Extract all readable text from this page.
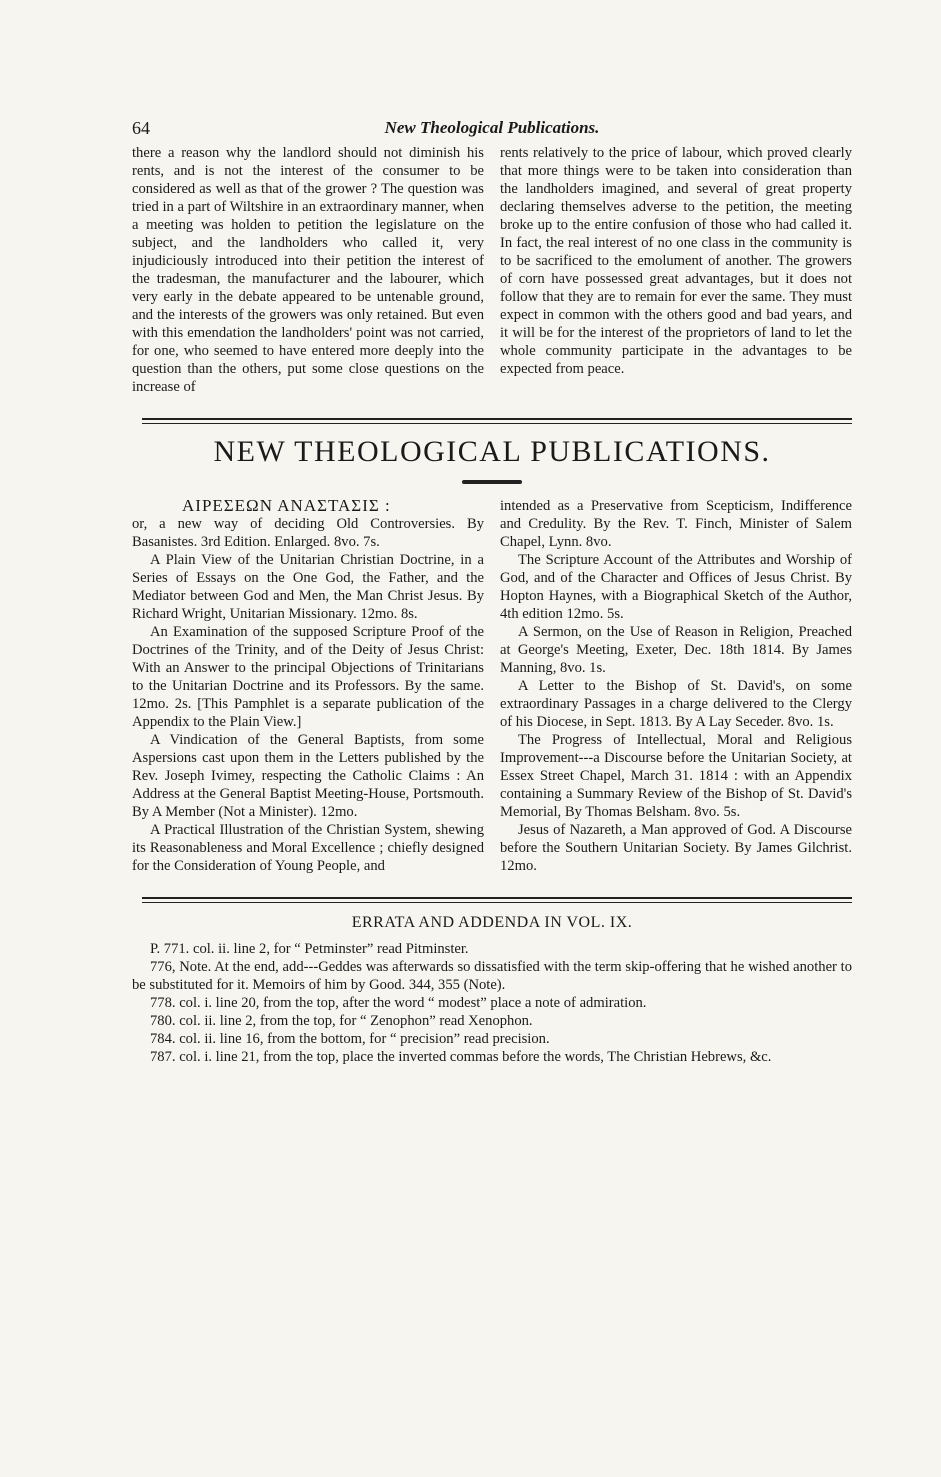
64	New Theological Publications.

there a reason why the landlord should not diminish his rents, and is not the interest of the consumer to be considered as well as that of the grower ? The question was tried in a part of Wiltshire in an extraordinary manner, when a meeting was holden to petition the legislature on the subject, and the landholders who called it, very injudiciously introduced into their petition the interest of the tradesman, the manufacturer and the labourer, which very early in the debate appeared to be untenable ground, and the interests of the growers was only retained. But even with this emendation the landholders' point was not carried, for one, who seemed to have entered more deeply into the question than the others, put some close questions on the increase of

rents relatively to the price of labour, which proved clearly that more things were to be taken into consideration than the landholders imagined, and several of great property declaring themselves adverse to the petition, the meeting broke up to the entire confusion of those who had called it. In fact, the real interest of no one class in the community is to be sacrificed to the emolument of another. The growers of corn have possessed great advantages, but it does not follow that they are to remain for ever the same. They must expect in common with the others good and bad years, and it will be for the interest of the proprietors of land to let the whole community participate in the advantages to be expected from peace.

NEW THEOLOGICAL PUBLICATIONS.

ΑΙΡΕΣΕΩΝ ΑΝΑΣΤΑΣΙΣ :

or, a new way of deciding Old Controversies. By Basanistes. 3rd Edition. Enlarged. 8vo. 7s.

A Plain View of the Unitarian Christian Doctrine, in a Series of Essays on the One God, the Father, and the Mediator between God and Men, the Man Christ Jesus. By Richard Wright, Unitarian Missionary. 12mo. 8s.

An Examination of the supposed Scripture Proof of the Doctrines of the Trinity, and of the Deity of Jesus Christ: With an Answer to the principal Objections of Trinitarians to the Unitarian Doctrine and its Professors. By the same. 12mo. 2s. [This Pamphlet is a separate publication of the Appendix to the Plain View.]

A Vindication of the General Baptists, from some Aspersions cast upon them in the Letters published by the Rev. Joseph Ivimey, respecting the Catholic Claims : An Address at the General Baptist Meeting-House, Portsmouth. By A Member (Not a Minister). 12mo.

A Practical Illustration of the Christian System, shewing its Reasonableness and Moral Excellence ; chiefly designed for the Consideration of Young People, and

intended as a Preservative from Scepticism, Indifference and Credulity. By the Rev. T. Finch, Minister of Salem Chapel, Lynn. 8vo.

The Scripture Account of the Attributes and Worship of God, and of the Character and Offices of Jesus Christ. By Hopton Haynes, with a Biographical Sketch of the Author, 4th edition 12mo. 5s.

A Sermon, on the Use of Reason in Religion, Preached at George's Meeting, Exeter, Dec. 18th 1814. By James Manning, 8vo. 1s.

A Letter to the Bishop of St. David's, on some extraordinary Passages in a charge delivered to the Clergy of his Diocese, in Sept. 1813. By A Lay Seceder. 8vo. 1s.

The Progress of Intellectual, Moral and Religious Improvement---a Discourse before the Unitarian Society, at Essex Street Chapel, March 31. 1814 : with an Appendix containing a Summary Review of the Bishop of St. David's Memorial, By Thomas Belsham. 8vo. 5s.

Jesus of Nazareth, a Man approved of God. A Discourse before the Southern Unitarian Society. By James Gilchrist. 12mo.

ERRATA AND ADDENDA IN VOL. IX.

P. 771. col. ii. line 2, for “ Petminster” read Pitminster.

776, Note. At the end, add---Geddes was afterwards so dissatisfied with the term skip-offering that he wished another to be substituted for it. Memoirs of him by Good. 344, 355 (Note).

778. col. i. line 20, from the top, after the word “ modest” place a note of admiration.

780. col. ii. line 2, from the top, for “ Zenophon” read Xenophon.

784. col. ii. line 16, from the bottom, for “ precision” read precision.

787. col. i. line 21, from the top, place the inverted commas before the words, The Christian Hebrews, &c.
